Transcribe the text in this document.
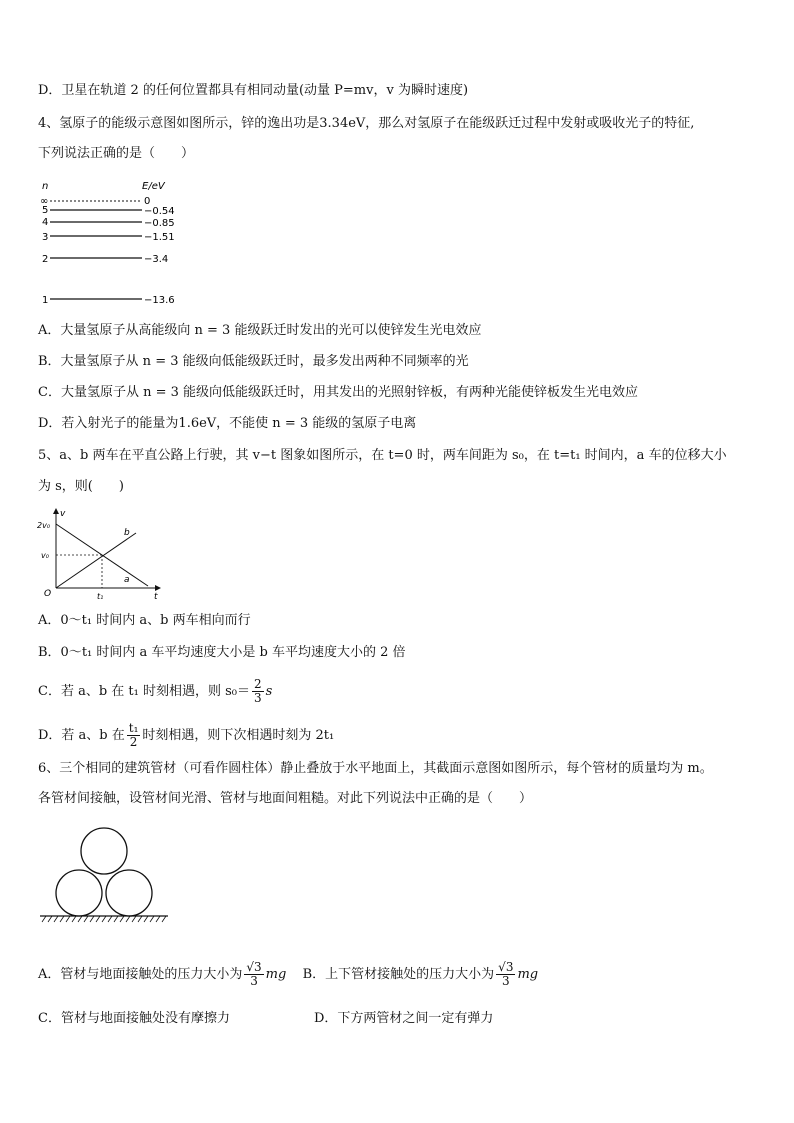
D．卫星在轨道 2 的任何位置都具有相同动量(动量 P=mv，v 为瞬时速度)
4、氢原子的能级示意图如图所示，锌的逸出功是3.34eV，那么对氢原子在能级跃迁过程中发射或吸收光子的特征,
下列说法正确的是（　　）
n	E/eV
∞	0
5	−0.54
4	−0.85
3	−1.51
2	−3.4
1	−13.6
A．大量氢原子从高能级向 n = 3 能级跃迁时发出的光可以使锌发生光电效应
B．大量氢原子从 n = 3 能级向低能级跃迁时，最多发出两种不同频率的光
C．大量氢原子从 n = 3 能级向低能级跃迁时，用其发出的光照射锌板，有两种光能使锌板发生光电效应
D．若入射光子的能量为1.6eV，不能使 n = 3 能级的氢原子电离
5、a、b 两车在平直公路上行驶，其 v−t 图象如图所示，在 t=0 时，两车间距为 s₀，在 t=t₁ 时间内，a 车的位移大小
为 s，则(　　)
v
t
O
2v₀
v₀
t₁
a
b
A．0～t₁ 时间内 a、b 两车相向而行
B．0～t₁ 时间内 a 车平均速度大小是 b 车平均速度大小的 2 倍
C．若 a、b 在 t₁ 时刻相遇，则 $s_0= \frac{2}{3}$ s
D．若 a、b 在 $\frac{\text{t₁}}{2}$ 时刻相遇，则下次相遇时刻为 2t₁
6、三个相同的建筑管材（可看作圆柱体）静止叠放于水平地面上，其截面示意图如图所示，每个管材的质量均为 m。
各管材间接触，设管材间光滑、管材与地面间粗糙。对此下列说法中正确的是（　　）
A．管材与地面接触处的压力大小为 $\frac{√3}{3}$ mg B．上下管材接触处的压力大小为 $\frac{√3}{3}$ mg
C．管材与地面接触处没有摩擦力	D．下方两管材之间一定有弹力
